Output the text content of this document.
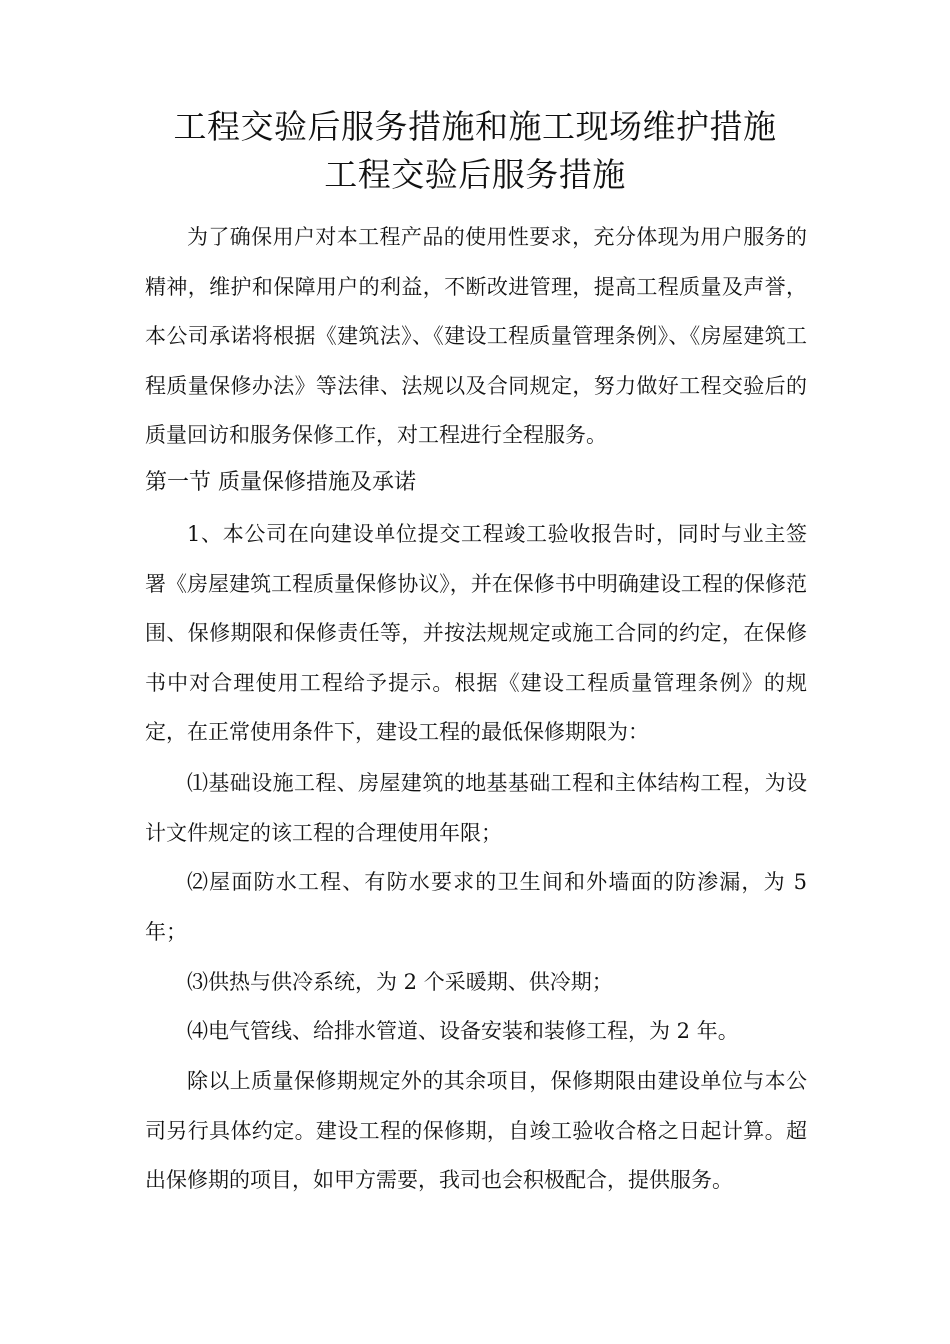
工程交验后服务措施和施工现场维护措施
工程交验后服务措施

为了确保用户对本工程产品的使用性要求，充分体现为用户服务的精神，维护和保障用户的利益，不断改进管理，提高工程质量及声誉，本公司承诺将根据《建筑法》、《建设工程质量管理条例》、《房屋建筑工程质量保修办法》等法律、法规以及合同规定，努力做好工程交验后的质量回访和服务保修工作，对工程进行全程服务。

第一节 质量保修措施及承诺

1、本公司在向建设单位提交工程竣工验收报告时，同时与业主签署《房屋建筑工程质量保修协议》，并在保修书中明确建设工程的保修范围、保修期限和保修责任等，并按法规规定或施工合同的约定，在保修书中对合理使用工程给予提示。根据《建设工程质量管理条例》的规定，在正常使用条件下，建设工程的最低保修期限为：

⑴基础设施工程、房屋建筑的地基基础工程和主体结构工程，为设计文件规定的该工程的合理使用年限；

⑵屋面防水工程、有防水要求的卫生间和外墙面的防渗漏，为 5 年；

⑶供热与供冷系统，为 2 个采暖期、供冷期；

⑷电气管线、给排水管道、设备安装和装修工程，为 2 年。

除以上质量保修期规定外的其余项目，保修期限由建设单位与本公司另行具体约定。建设工程的保修期，自竣工验收合格之日起计算。超出保修期的项目，如甲方需要，我司也会积极配合，提供服务。
